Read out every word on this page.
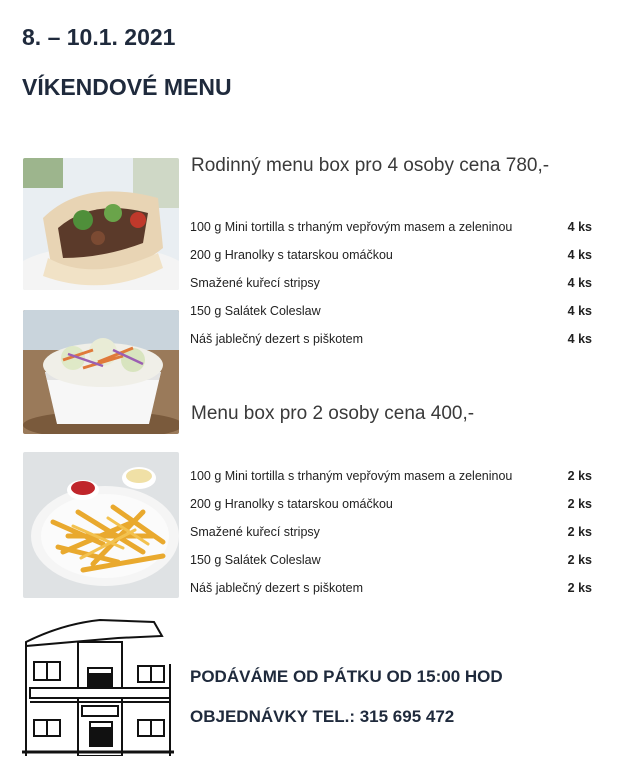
8. – 10.1. 2021
VÍKENDOVÉ MENU
Rodinný menu box pro 4 osoby cena 780,-
100 g Mini tortilla s trhaným vepřovým masem a zeleninou	4 ks
200 g Hranolky s tatarskou omáčkou	4 ks
Smažené kuřecí stripsy	4 ks
150 g Salátek Coleslaw	4 ks
Náš jablečný dezert s piškotem	4 ks
Menu box pro 2 osoby cena 400,-
100 g Mini tortilla s trhaným vepřovým masem a zeleninou	2 ks
200 g Hranolky s tatarskou omáčkou	2 ks
Smažené kuřecí stripsy	2 ks
150 g Salátek Coleslaw	2 ks
Náš jablečný dezert s piškotem	2 ks
PODÁVÁME OD PÁTKU OD 15:00 HOD
OBJEDNÁVKY TEL.: 315 695 472
